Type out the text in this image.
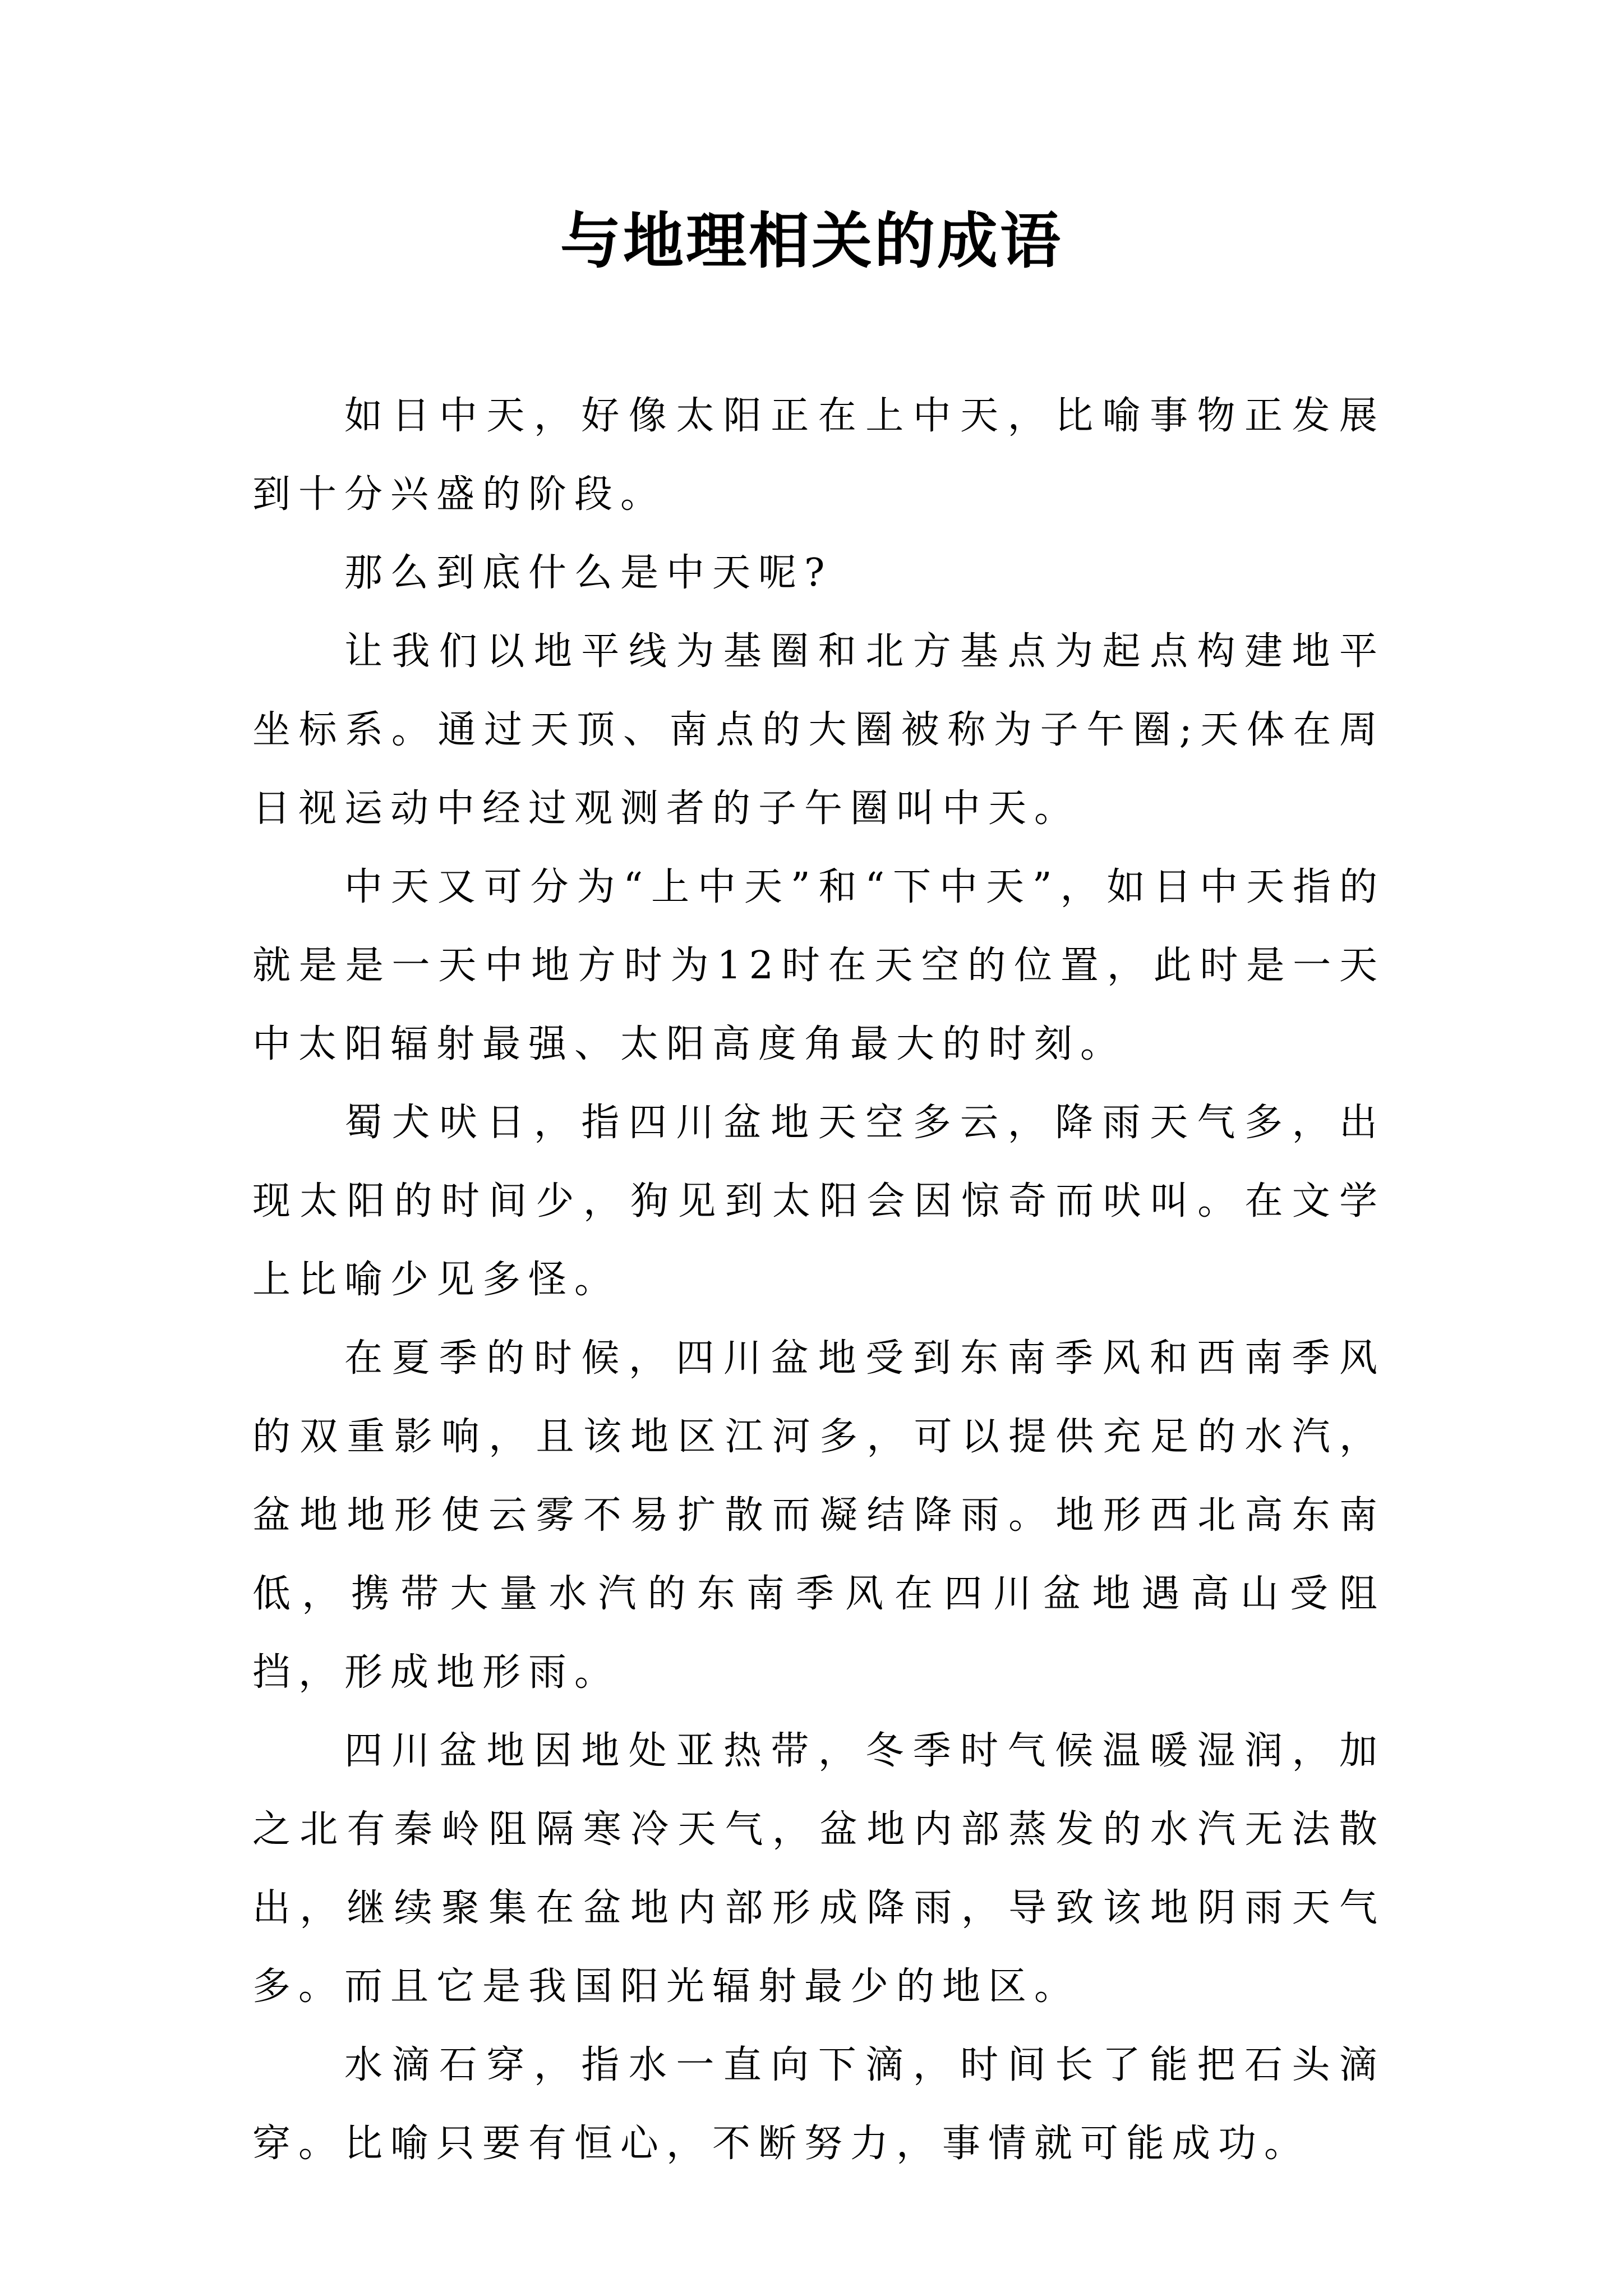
与地理相关的成语

如日中天，好像太阳正在上中天，比喻事物正发展到十分兴盛的阶段。

那么到底什么是中天呢?

让我们以地平线为基圈和北方基点为起点构建地平坐标系。通过天顶、南点的大圈被称为子午圈;天体在周日视运动中经过观测者的子午圈叫中天。

中天又可分为“上中天”和“下中天”，如日中天指的就是是一天中地方时为12时在天空的位置，此时是一天中太阳辐射最强、太阳高度角最大的时刻。

蜀犬吠日，指四川盆地天空多云，降雨天气多，出现太阳的时间少，狗见到太阳会因惊奇而吠叫。在文学上比喻少见多怪。

在夏季的时候，四川盆地受到东南季风和西南季风的双重影响，且该地区江河多，可以提供充足的水汽，盆地地形使云雾不易扩散而凝结降雨。地形西北高东南低，携带大量水汽的东南季风在四川盆地遇高山受阻挡，形成地形雨。

四川盆地因地处亚热带，冬季时气候温暖湿润，加之北有秦岭阻隔寒冷天气，盆地内部蒸发的水汽无法散出，继续聚集在盆地内部形成降雨，导致该地阴雨天气多。而且它是我国阳光辐射最少的地区。

水滴石穿，指水一直向下滴，时间长了能把石头滴穿。比喻只要有恒心，不断努力，事情就可能成功。
